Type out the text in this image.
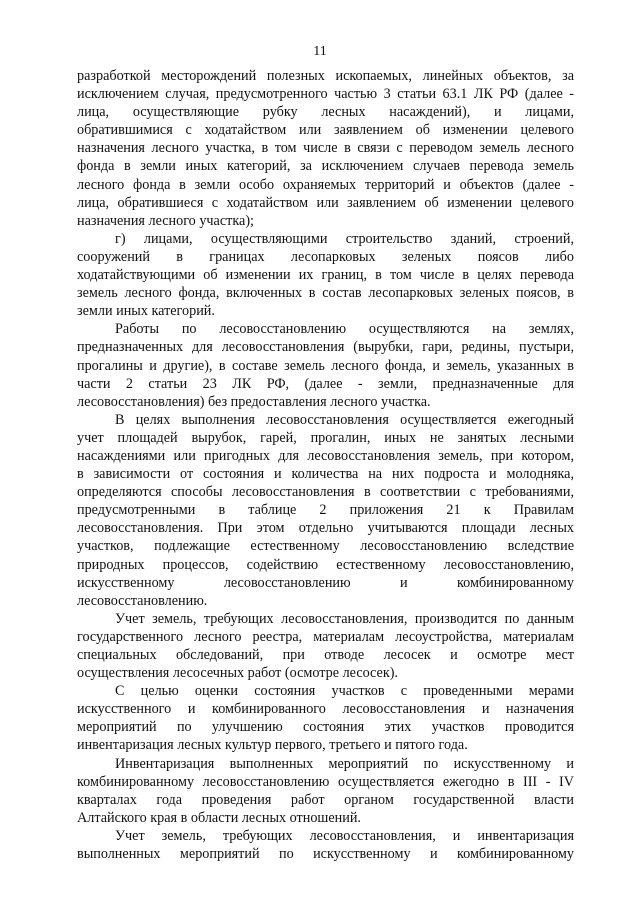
11
разработкой месторождений полезных ископаемых, линейных объектов, за
исключением случая, предусмотренного частью 3 статьи 63.1 ЛК РФ (далее -
лица, осуществляющие рубку лесных насаждений), и лицами,
обратившимися с ходатайством или заявлением об изменении целевого
назначения лесного участка, в том числе в связи с переводом земель лесного
фонда в земли иных категорий, за исключением случаев перевода земель
лесного фонда в земли особо охраняемых территорий и объектов (далее -
лица, обратившиеся с ходатайством или заявлением об изменении целевого
назначения лесного участка);
г) лицами, осуществляющими строительство зданий, строений,
сооружений в границах лесопарковых зеленых поясов либо
ходатайствующими об изменении их границ, в том числе в целях перевода
земель лесного фонда, включенных в состав лесопарковых зеленых поясов, в
земли иных категорий.
Работы по лесовосстановлению осуществляются на землях,
предназначенных для лесовосстановления (вырубки, гари, редины, пустыри,
прогалины и другие), в составе земель лесного фонда, и земель, указанных в
части 2 статьи 23 ЛК РФ, (далее - земли, предназначенные для
лесовосстановления) без предоставления лесного участка.
В целях выполнения лесовосстановления осуществляется ежегодный
учет площадей вырубок, гарей, прогалин, иных не занятых лесными
насаждениями или пригодных для лесовосстановления земель, при котором,
в зависимости от состояния и количества на них подроста и молодняка,
определяются способы лесовосстановления в соответствии с требованиями,
предусмотренными в таблице 2 приложения 21 к Правилам
лесовосстановления. При этом отдельно учитываются площади лесных
участков, подлежащие естественному лесовосстановлению вследствие
природных процессов, содействию естественному лесовосстановлению,
искусственному лесовосстановлению и комбинированному
лесовосстановлению.
Учет земель, требующих лесовосстановления, производится по данным
государственного лесного реестра, материалам лесоустройства, материалам
специальных обследований, при отводе лесосек и осмотре мест
осуществления лесосечных работ (осмотре лесосек).
С целью оценки состояния участков с проведенными мерами
искусственного и комбинированного лесовосстановления и назначения
мероприятий по улучшению состояния этих участков проводится
инвентаризация лесных культур первого, третьего и пятого года.
Инвентаризация выполненных мероприятий по искусственному и
комбинированному лесовосстановлению осуществляется ежегодно в III - IV
кварталах года проведения работ органом государственной власти
Алтайского края в области лесных отношений.
Учет земель, требующих лесовосстановления, и инвентаризация
выполненных мероприятий по искусственному и комбинированному
